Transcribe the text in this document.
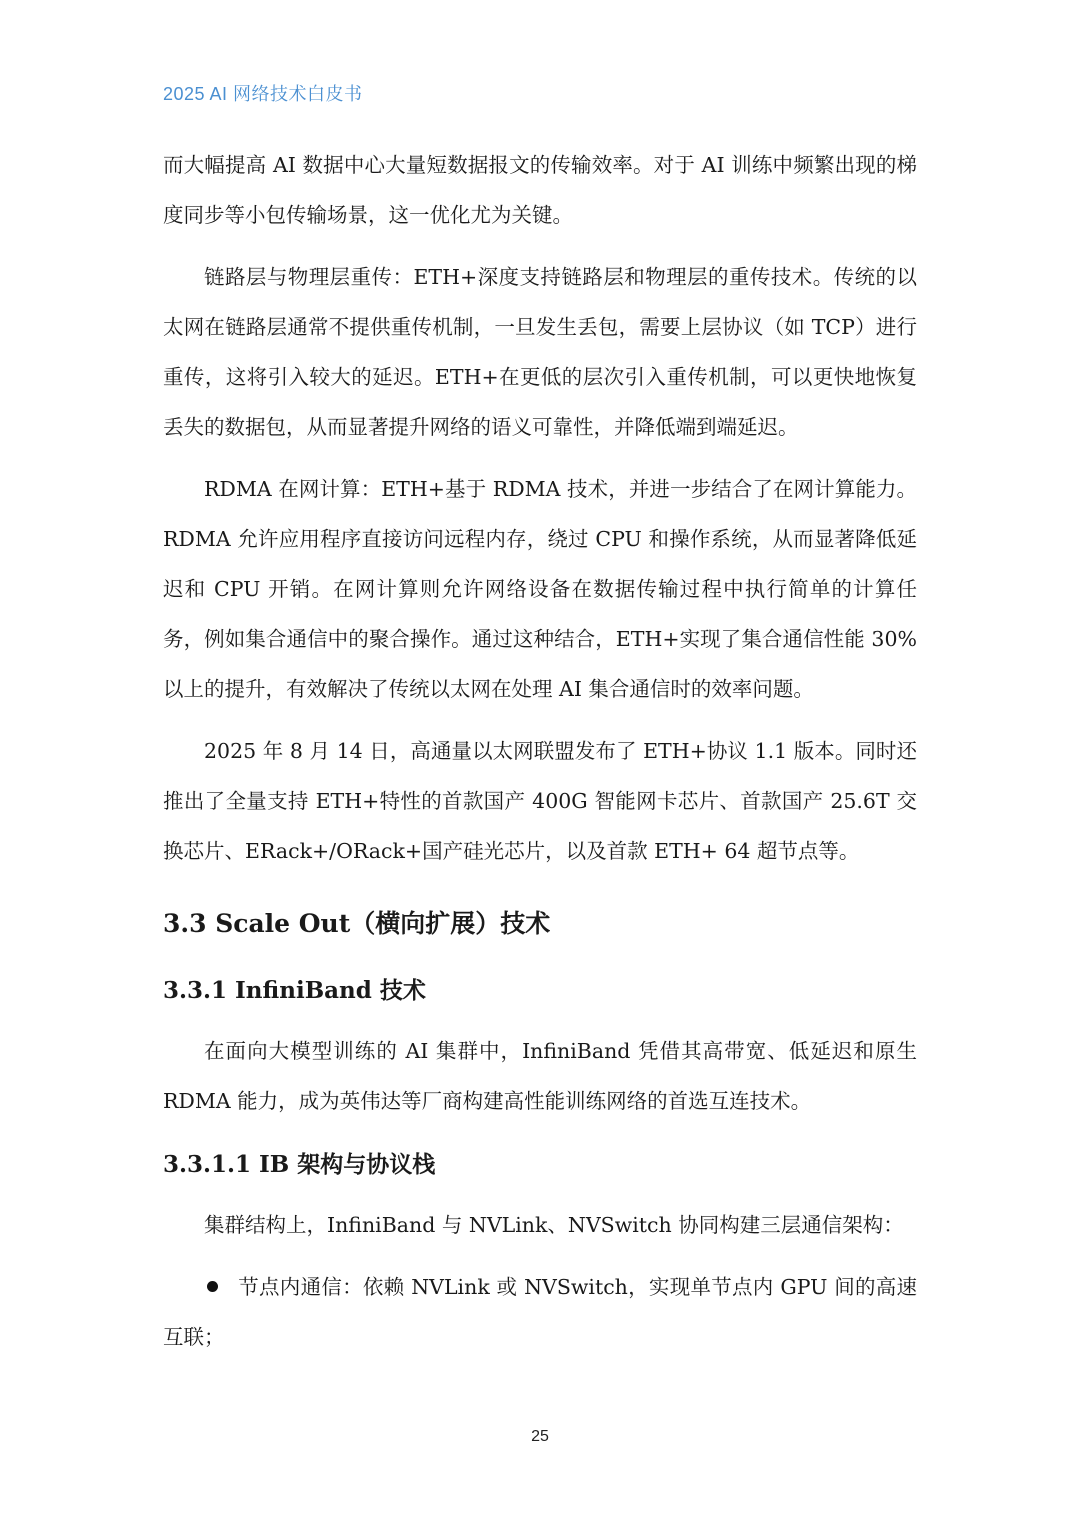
2025 AI 网络技术白皮书

而大幅提高 AI 数据中心大量短数据报文的传输效率。对于 AI 训练中频繁出现的梯度同步等小包传输场景，这一优化尤为关键。

链路层与物理层重传：ETH+深度支持链路层和物理层的重传技术。传统的以太网在链路层通常不提供重传机制，一旦发生丢包，需要上层协议（如 TCP）进行重传，这将引入较大的延迟。ETH+在更低的层次引入重传机制，可以更快地恢复丢失的数据包，从而显著提升网络的语义可靠性，并降低端到端延迟。

RDMA 在网计算：ETH+基于 RDMA 技术，并进一步结合了在网计算能力。RDMA 允许应用程序直接访问远程内存，绕过 CPU 和操作系统，从而显著降低延迟和 CPU 开销。在网计算则允许网络设备在数据传输过程中执行简单的计算任务，例如集合通信中的聚合操作。通过这种结合，ETH+实现了集合通信性能 30%以上的提升，有效解决了传统以太网在处理 AI 集合通信时的效率问题。

2025 年 8 月 14 日，高通量以太网联盟发布了 ETH+协议 1.1 版本。同时还推出了全量支持 ETH+特性的首款国产 400G 智能网卡芯片、首款国产 25.6T 交换芯片、ERack+/ORack+国产硅光芯片，以及首款 ETH+ 64 超节点等。

3.3 Scale Out（横向扩展）技术
3.3.1 InfiniBand 技术

在面向大模型训练的 AI 集群中，InfiniBand 凭借其高带宽、低延迟和原生 RDMA 能力，成为英伟达等厂商构建高性能训练网络的首选互连技术。

3.3.1.1 IB 架构与协议栈

集群结构上，InfiniBand 与 NVLink、NVSwitch 协同构建三层通信架构：

节点内通信：依赖 NVLink 或 NVSwitch，实现单节点内 GPU 间的高速互联；

25
